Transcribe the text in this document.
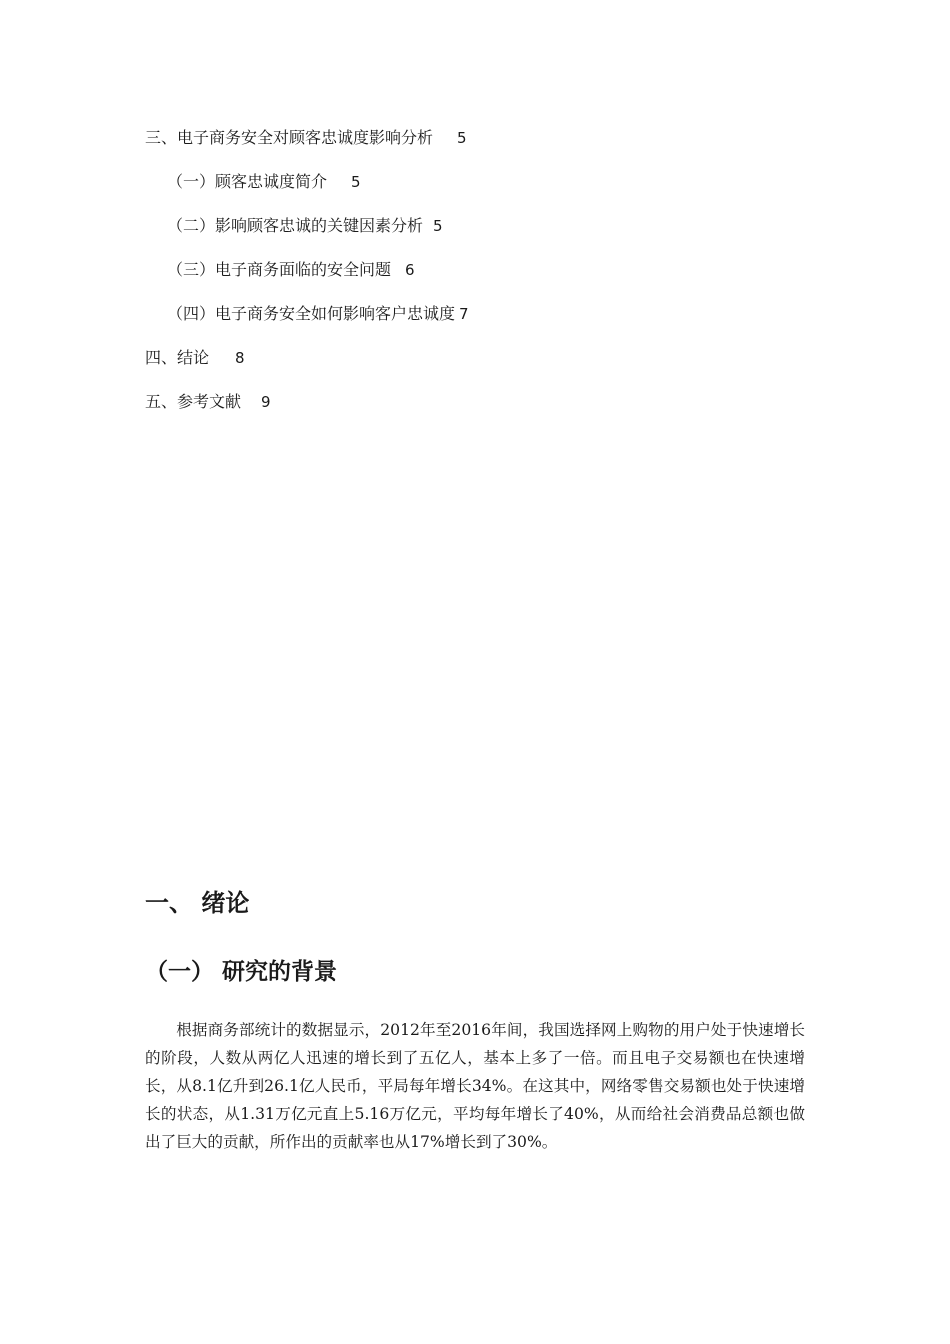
三、电子商务安全对顾客忠诚度影响分析 5
（一）顾客忠诚度简介 5
（二）影响顾客忠诚的关键因素分析 5
（三）电子商务面临的安全问题 6
（四）电子商务安全如何影响客户忠诚度 7
四、结论 8
五、参考文献 9
一、 绪论
（一） 研究的背景

根据商务部统计的数据显示，2012年至2016年间，我国选择网上购物的用户处于快速增长的阶段，人数从两亿人迅速的增长到了五亿人，基本上多了一倍。而且电子交易额也在快速增长，从8.1亿升到26.1亿人民币，平局每年增长34%。在这其中，网络零售交易额也处于快速增长的状态，从1.31万亿元直上5.16万亿元，平均每年增长了40%，从而给社会消费品总额也做出了巨大的贡献，所作出的贡献率也从17%增长到了30%。
